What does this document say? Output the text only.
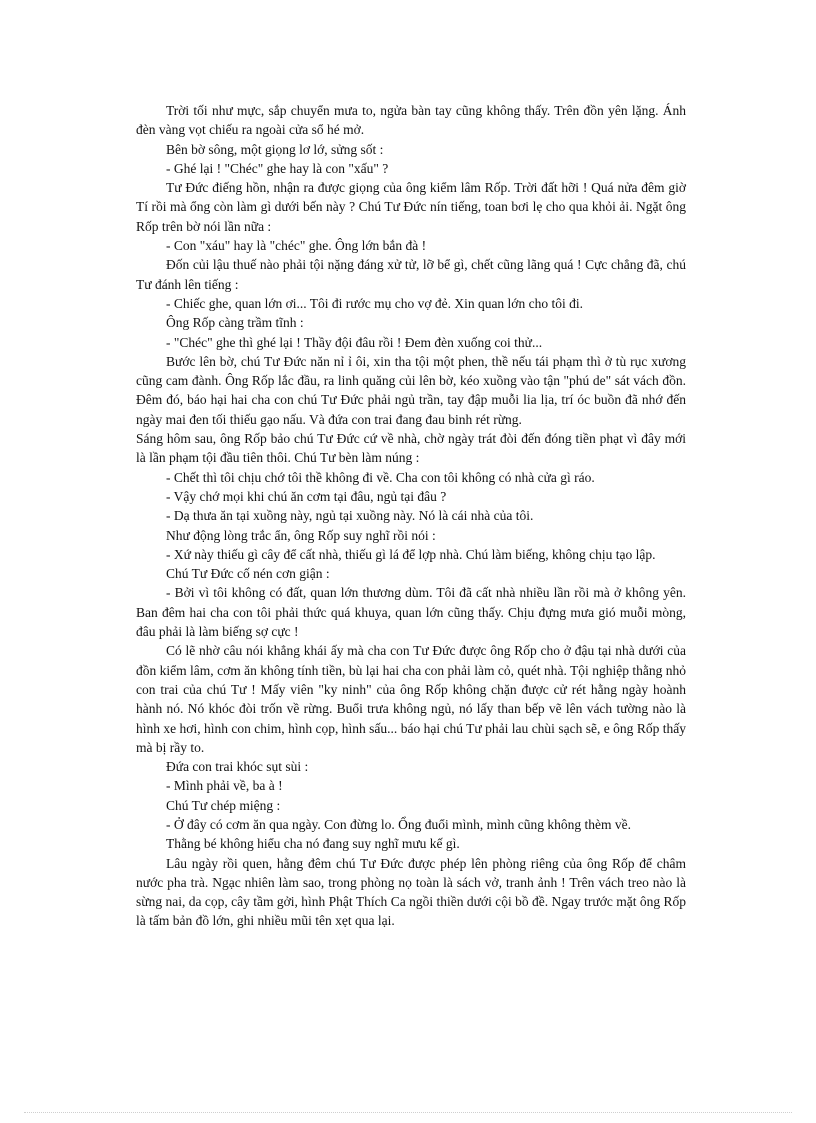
Trời tối như mực, sắp chuyển mưa to, ngửa bàn tay cũng không thấy. Trên đồn yên lặng. Ánh đèn vàng vọt chiếu ra ngoài cửa sổ hé mở.

Bên bờ sông, một giọng lơ lớ, sửng sốt :

- Ghé lại ! "Chéc" ghe hay là con "xấu" ?

Tư Đức điếng hồn, nhận ra được giọng của ông kiểm lâm Rốp. Trời đất hỡi ! Quá nửa đêm giờ Tí rồi mà ổng còn làm gì dưới bến này ? Chú Tư Đức nín tiếng, toan bơi lẹ cho qua khỏi ải. Ngặt ông Rốp trên bờ nói lần nữa :

- Con "xáu" hay là "chéc" ghe. Ông lớn bắn đà !

Đốn củi lậu thuế nào phải tội nặng đáng xử tử, lỡ bể gì, chết cũng lãng quá ! Cực chẳng đã, chú Tư đánh lên tiếng :

- Chiếc ghe, quan lớn ơi... Tôi đi rước mụ cho vợ đẻ. Xin quan lớn cho tôi đi.

Ông Rốp càng trầm tĩnh :

- "Chéc" ghe thì ghé lại ! Thầy đội đâu rồi ! Đem đèn xuống coi thử...

Bước lên bờ, chú Tư Đức năn nỉ ỉ ôi, xin tha tội một phen, thề nếu tái phạm thì ở tù rục xương cũng cam đành. Ông Rốp lắc đầu, ra linh quăng củi lên bờ, kéo xuồng vào tận "phú de" sát vách đồn. Đêm đó, báo hại hai cha con chú Tư Đức phải ngủ trần, tay đập muỗi lia lịa, trí óc buồn đã nhớ đến ngày mai đen tối thiếu gạo nấu. Và đứa con trai đang đau binh rét rừng.

Sáng hôm sau, ông Rốp bảo chú Tư Đức cứ về nhà, chờ ngày trát đòi đến đóng tiền phạt vì đây mới là lần phạm tội đầu tiên thôi. Chú Tư bèn làm núng :

- Chết thì tôi chịu chớ tôi thề không đi về. Cha con tôi không có nhà cửa gì ráo.

- Vậy chớ mọi khi chú ăn cơm tại đâu, ngủ tại đâu ?

- Dạ thưa ăn tại xuồng này, ngủ tại xuồng này. Nó là cái nhà của tôi.

Như động lòng trắc ẩn, ông Rốp suy nghĩ rồi nói :

- Xứ này thiếu gì cây để cất nhà, thiếu gì lá để lợp nhà. Chú làm biếng, không chịu tạo lập.

Chú Tư Đức cố nén cơn giận :

- Bởi vì tôi không có đất, quan lớn thương dùm. Tôi đã cất nhà nhiều lần rồi mà ở không yên. Ban đêm hai cha con tôi phải thức quá khuya, quan lớn cũng thấy. Chịu đựng mưa gió muỗi mòng, đâu phải là làm biếng sợ cực !

Có lẽ nhờ câu nói khẳng khái ấy mà cha con Tư Đức được ông Rốp cho ở đậu tại nhà dưới của đồn kiểm lâm, cơm ăn không tính tiền, bù lại hai cha con phải làm cỏ, quét nhà. Tội nghiệp thằng nhỏ con trai của chú Tư ! Mấy viên "ky ninh" của ông Rốp không chặn được cử rét hằng ngày hoành hành nó. Nó khóc đòi trốn về rừng. Buổi trưa không ngủ, nó lấy than bếp vẽ lên vách tường nào là hình xe hơi, hình con chim, hình cọp, hình sấu... báo hại chú Tư phải lau chùi sạch sẽ, e ông Rốp thấy mà bị rầy to.

Đứa con trai khóc sụt sùi :

- Mình phải về, ba à !

Chú Tư chép miệng :

- Ở đây có cơm ăn qua ngày. Con đừng lo. Ổng đuổi mình, mình cũng không thèm về.

Thằng bé không hiểu cha nó đang suy nghĩ mưu kế gì.

Lâu ngày rồi quen, hằng đêm chú Tư Đức được phép lên phòng riêng của ông Rốp để châm nước pha trà. Ngạc nhiên làm sao, trong phòng nọ toàn là sách vở, tranh ảnh ! Trên vách treo nào là sừng nai, da cọp, cây tầm gởi, hình Phật Thích Ca ngồi thiền dưới cội bồ đề. Ngay trước mặt ông Rốp là tấm bản đồ lớn, ghi nhiều mũi tên xẹt qua lại.
